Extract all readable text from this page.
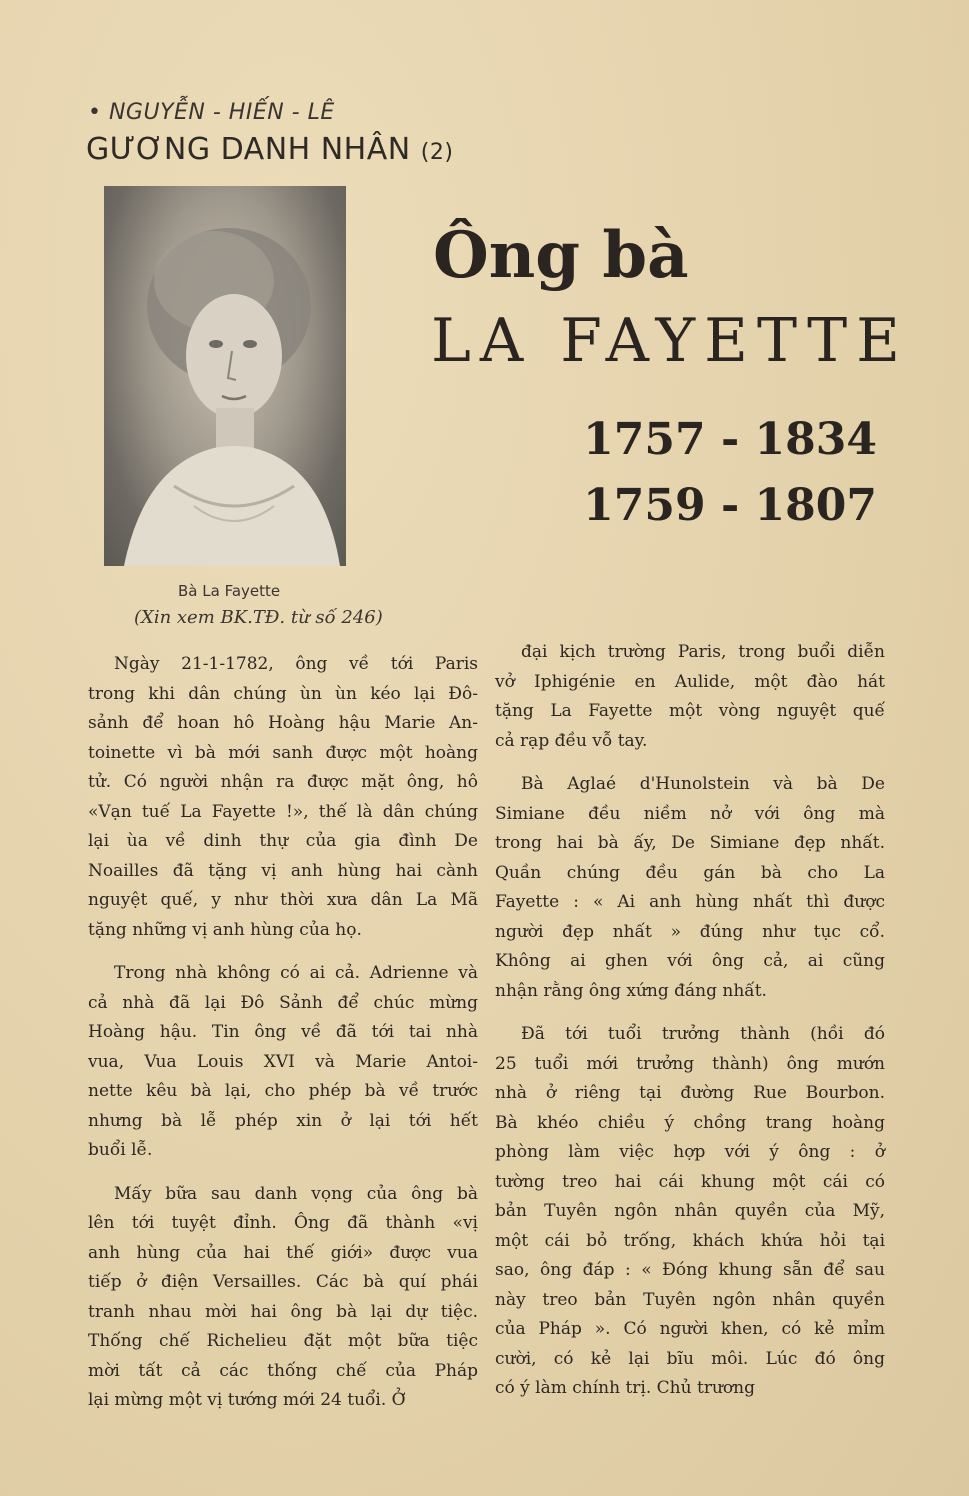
• NGUYỄN - HIẾN - LÊ
GƯƠNG DANH NHÂN (2)
Ông bà
LA FAYETTE
1757 - 1834
1759 - 1807
Bà La Fayette
(Xin xem BK.TĐ. từ số 246)

Ngày 21-1-1782, ông về tới Paris
trong khi dân chúng ùn ùn kéo lại Đô-
sảnh để hoan hô Hoàng hậu Marie An-
toinette vì bà mới sanh được một hoàng
tử. Có người nhận ra được mặt ông, hô
«Vạn tuế La Fayette !», thế là dân chúng
lại ùa về dinh thự của gia đình De
Noailles đã tặng vị anh hùng hai cành
nguyệt quế, y như thời xưa dân La Mã
tặng những vị anh hùng của họ.

Trong nhà không có ai cả. Adrienne và
cả nhà đã lại Đô Sảnh để chúc mừng
Hoàng hậu. Tin ông về đã tới tai nhà
vua, Vua Louis XVI và Marie Antoi-
nette kêu bà lại, cho phép bà về trước
nhưng bà lễ phép xin ở lại tới hết
buổi lễ.

Mấy bữa sau danh vọng của ông bà
lên tới tuyệt đỉnh. Ông đã thành «vị
anh hùng của hai thế giới» được vua
tiếp ở điện Versailles. Các bà quí phái
tranh nhau mời hai ông bà lại dự tiệc.
Thống chế Richelieu đặt một bữa tiệc
mời tất cả các thống chế của Pháp
lại mừng một vị tướng mới 24 tuổi. Ở

đại kịch trường Paris, trong buổi diễn
vở Iphigénie en Aulide, một đào hát
tặng La Fayette một vòng nguyệt quế
cả rạp đều vỗ tay.

Bà Aglaé d'Hunolstein và bà De
Simiane đều niềm nở với ông mà
trong hai bà ấy, De Simiane đẹp nhất.
Quần chúng đều gán bà cho La
Fayette : « Ai anh hùng nhất thì được
người đẹp nhất » đúng như tục cổ.
Không ai ghen với ông cả, ai cũng
nhận rằng ông xứng đáng nhất.

Đã tới tuổi trưởng thành (hồi đó
25 tuổi mới trưởng thành) ông mướn
nhà ở riêng tại đường Rue Bourbon.
Bà khéo chiều ý chồng trang hoàng
phòng làm việc hợp với ý ông : ở
tường treo hai cái khung một cái có
bản Tuyên ngôn nhân quyền của Mỹ,
một cái bỏ trống, khách khứa hỏi tại
sao, ông đáp : « Đóng khung sẵn để sau
này treo bản Tuyên ngôn nhân quyền
của Pháp ». Có người khen, có kẻ mỉm
cười, có kẻ lại bĩu môi. Lúc đó ông
có ý làm chính trị. Chủ trương
